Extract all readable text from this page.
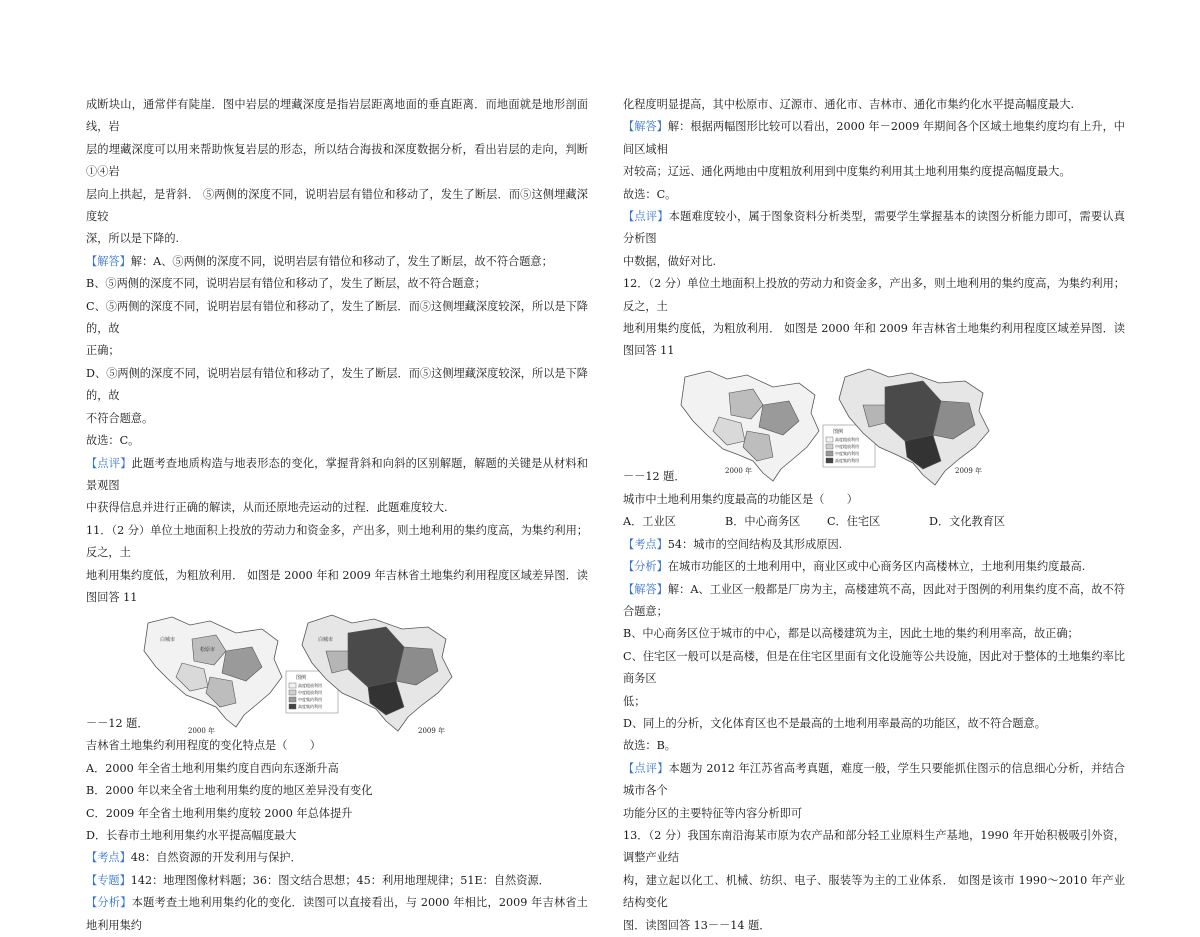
成断块山，通常伴有陡崖．图中岩层的埋藏深度是指岩层距离地面的垂直距离．而地面就是地形剖面线，岩

层的埋藏深度可以用来帮助恢复岩层的形态，所以结合海拔和深度数据分析，看出岩层的走向，判断①④岩

层向上拱起，是背斜． ⑤两侧的深度不同，说明岩层有错位和移动了，发生了断层．而⑤这侧埋藏深度较

深，所以是下降的.

【解答】解：A、⑤两侧的深度不同，说明岩层有错位和移动了，发生了断层，故不符合题意；

B、⑤两侧的深度不同，说明岩层有错位和移动了，发生了断层，故不符合题意；

C、⑤两侧的深度不同，说明岩层有错位和移动了，发生了断层．而⑤这侧埋藏深度较深，所以是下降的，故

正确；

D、⑤两侧的深度不同，说明岩层有错位和移动了，发生了断层．而⑤这侧埋藏深度较深，所以是下降的，故

不符合题意。

故选：C。

【点评】此题考查地质构造与地表形态的变化，掌握背斜和向斜的区别解题，解题的关键是从材料和景观图

中获得信息并进行正确的解读，从而还原地壳运动的过程．此题难度较大.

11．（2 分）单位土地面积上投放的劳动力和资金多，产出多，则土地利用的集约度高，为集约利用；反之，土

地利用集约度低，为粗放利用． 如图是 2000 年和 2009 年吉林省土地集约利用程度区域差异图．读图回答 11

白城市
松原市
图例
高度粗放利用
中度粗放利用
中度集约利用
高度集约利用
白城市
2000 年	2009 年
－－12 题．

吉林省土地集约利用程度的变化特点是（　　）

A．2000 年全省土地利用集约度自西向东逐渐升高

B．2000 年以来全省土地利用集约度的地区差异没有变化

C．2009 年全省土地利用集约度较 2000 年总体提升

D．长春市土地利用集约水平提高幅度最大

【考点】48：自然资源的开发利用与保护．

【专题】142：地理图像材料题；36：图文结合思想；45：利用地理规律；51E：自然资源．

【分析】本题考查土地利用集约化的变化．读图可以直接看出，与 2000 年相比，2009 年吉林省土地利用集约

化程度明显提高，其中松原市、辽源市、通化市、吉林市、通化市集约化水平提高幅度最大.

【解答】解：根据两幅图形比较可以看出，2000 年－2009 年期间各个区域土地集约度均有上升，中间区域相

对较高；辽远、通化两地由中度粗放利用到中度集约利用其土地利用集约度提高幅度最大。

故选：C。

【点评】本题难度较小，属于图象资料分析类型，需要学生掌握基本的读图分析能力即可，需要认真分析图

中数据，做好对比.

12．（2 分）单位土地面积上投放的劳动力和资金多，产出多，则土地利用的集约度高，为集约利用；反之，土

地利用集约度低，为粗放利用． 如图是 2000 年和 2009 年吉林省土地集约利用程度区域差异图．读图回答 11

图例
高度粗放利用
中度粗放利用
中度集约利用
高度集约利用
2000 年	2009 年
－－12 题．

城市中土地利用集约度最高的功能区是（　　）

A．工业区	B．中心商务区	C．住宅区	D．文化教育区

【考点】54：城市的空间结构及其形成原因.

【分析】在城市功能区的土地利用中，商业区或中心商务区内高楼林立，土地利用集约度最高.

【解答】解：A、工业区一般都是厂房为主，高楼建筑不高，因此对于图例的利用集约度不高，故不符合题意；

B、中心商务区位于城市的中心，都是以高楼建筑为主，因此土地的集约利用率高，故正确；

C、住宅区一般可以是高楼，但是在住宅区里面有文化设施等公共设施，因此对于整体的土地集约率比商务区

低；

D、同上的分析，文化体育区也不是最高的土地利用率最高的功能区，故不符合题意。

故选：B。

【点评】本题为 2012 年江苏省高考真题，难度一般，学生只要能抓住图示的信息细心分析，并结合城市各个

功能分区的主要特征等内容分析即可

13．（2 分）我国东南沿海某市原为农产品和部分轻工业原料生产基地，1990 年开始积极吸引外资，调整产业结

构，建立起以化工、机械、纺织、电子、服装等为主的工业体系． 如图是该市 1990～2010 年产业结构变化

图．读图回答 13－－14 题．
